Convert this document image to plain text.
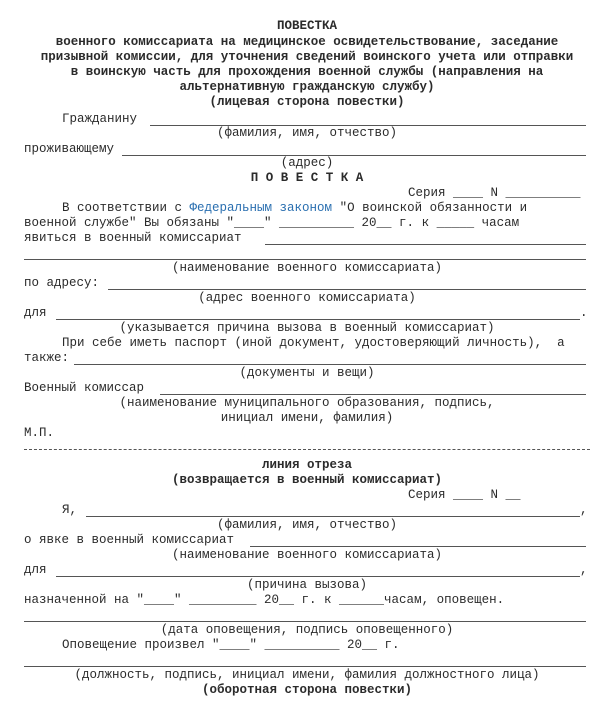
ПОВЕСТКА
военного комиссариата на медицинское освидетельствование, заседание
призывной комиссии, для уточнения сведений воинского учета или отправки
в воинскую часть для прохождения военной службы (направления на
альтернативную гражданскую службу)
(лицевая сторона повестки)
Гражданину
(фамилия, имя, отчество)
проживающему
(адрес)
П О В Е С Т К А
Серия ____ N __________
В соответствии с Федеральным законом "О воинской обязанности и
военной службе" Вы обязаны "____" __________ 20__ г. к _____ часам
явиться в военный комиссариат
(наименование военного комиссариата)
по адресу:
(адрес военного комиссариата)
для	.
(указывается причина вызова в военный комиссариат)
При себе иметь паспорт (иной документ, удостоверяющий личность),  а
также:
(документы и вещи)
Военный комиссар
(наименование муниципального образования, подпись,
инициал имени, фамилия)
М.П.
линия отреза
(возвращается в военный комиссариат)
Серия ____ N __
Я,	,
(фамилия, имя, отчество)
о явке в военный комиссариат
(наименование военного комиссариата)
для	,
(причина вызова)
назначенной на "____" _________ 20__ г. к ______часам, оповещен.
(дата оповещения, подпись оповещенного)
Оповещение произвел "____" __________ 20__ г.
(должность, подпись, инициал имени, фамилия должностного лица)
(оборотная сторона повестки)
